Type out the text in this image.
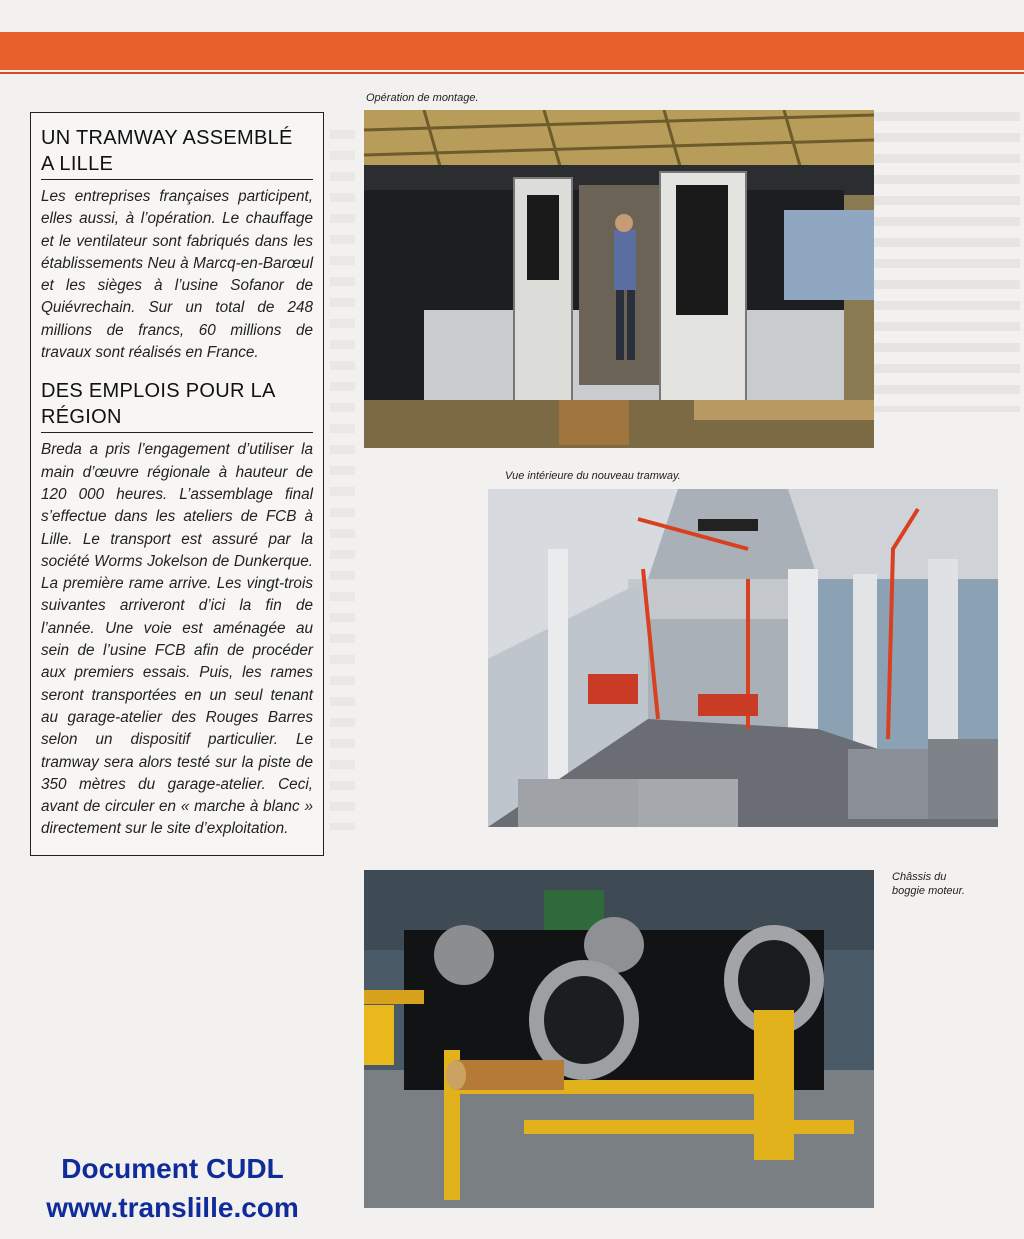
UN TRAMWAY ASSEMBLÉ
A LILLE

Les entreprises françaises participent, elles aussi, à l’opération. Le chauffage et le ventilateur sont fabriqués dans les établissements Neu à Marcq-en-Barœul et les sièges à l’usine Sofanor de Quiévrechain. Sur un total de 248 millions de francs, 60 millions de travaux sont réalisés en France.

DES EMPLOIS POUR LA
RÉGION

Breda a pris l’engagement d’utiliser la main d’œuvre régionale à hauteur de 120 000 heures. L’assemblage final s’effectue dans les ateliers de FCB à Lille. Le transport est assuré par la société Worms Jokelson de Dunkerque. La première rame arrive. Les vingt-trois suivantes arriveront d’ici la fin de l’année. Une voie est aménagée au sein de l’usine FCB afin de procéder aux premiers essais. Puis, les rames seront transportées en un seul tenant au garage-atelier des Rouges Barres selon un dispositif particulier. Le tramway sera alors testé sur la piste de 350 mètres du garage-atelier. Ceci, avant de circuler en « marche à blanc » directement sur le site d’exploitation.

Opération de montage.
Vue intérieure du nouveau tramway.
Châssis du
boggie moteur.
Document CUDL
www.translille.com
